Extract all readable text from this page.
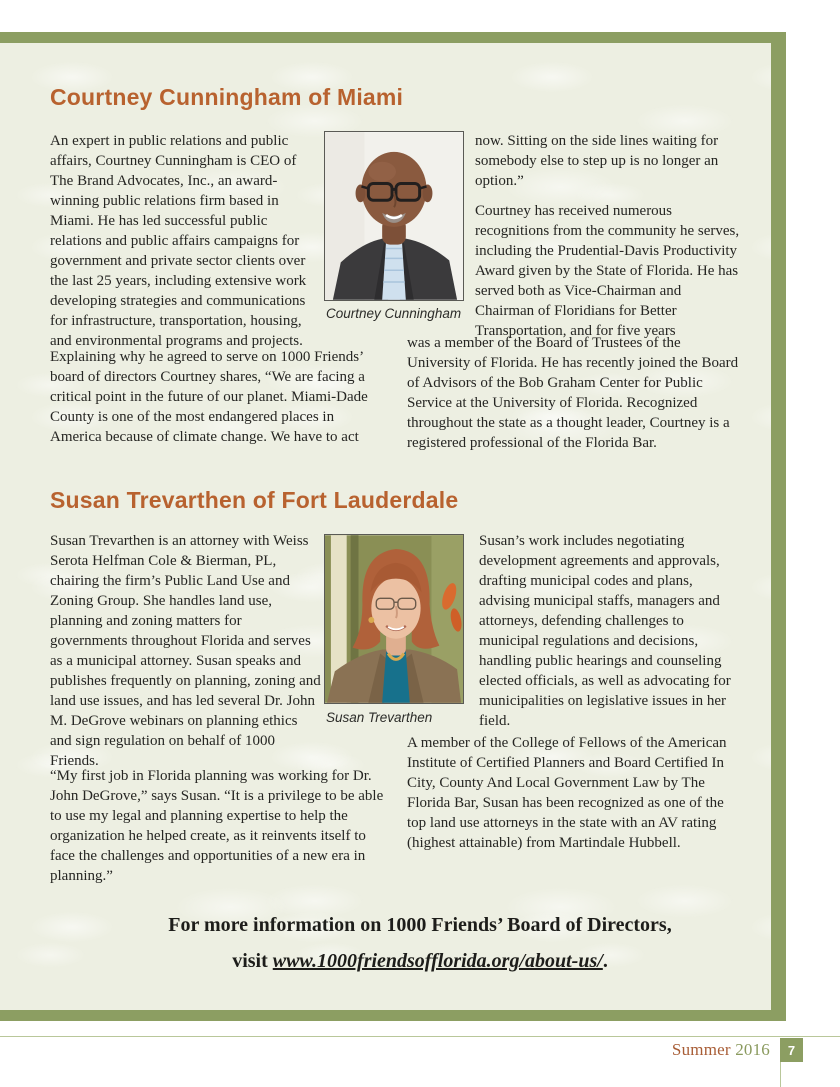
Courtney Cunningham of Miami
An expert in public relations and public affairs, Courtney Cunningham is CEO of The Brand Advocates, Inc., an award-winning public relations firm based in Miami. He has led successful public relations and public affairs campaigns for government and private sector clients over the last 25 years, including extensive work developing strategies and communications for infrastructure, transportation, housing, and environmental programs and projects.
Courtney Cunningham

now. Sitting on the side lines waiting for somebody else to step up is no longer an option.”

Courtney has received numerous recognitions from the community he serves, including the Prudential-Davis Productivity Award given by the State of Florida. He has served both as Vice-Chairman and Chairman of Floridians for Better Transportation, and for five years

was a member of the Board of Trustees of the University of Florida. He has recently joined the Board of Advisors of the Bob Graham Center for Public Service at the University of Florida. Recognized throughout the state as a thought leader, Courtney is a registered professional of the Florida Bar.
Explaining why he agreed to serve on 1000 Friends’ board of directors Courtney shares, “We are facing a critical point in the future of our planet. Miami-Dade County is one of the most endangered places in America because of climate change. We have to act
Susan Trevarthen of Fort Lauderdale
Susan Trevarthen is an attorney with Weiss Serota Helfman Cole & Bierman, PL, chairing the firm’s Public Land Use and Zoning Group. She handles land use, planning and zoning matters for governments throughout Florida and serves as a municipal attorney. Susan speaks and publishes frequently on planning, zoning and land use issues, and has led several Dr. John M. DeGrove webinars on planning ethics and sign regulation on behalf of 1000 Friends.
Susan Trevarthen
Susan’s work includes negotiating development agreements and approvals, drafting municipal codes and plans, advising municipal staffs, managers and attorneys, defending challenges to municipal regulations and decisions, handling public hearings and counseling elected officials, as well as advocating for municipalities on legislative issues in her field.
A member of the College of Fellows of the American Institute of Certified Planners and Board Certified In City, County And Local Government Law by The Florida Bar, Susan has been recognized as one of the top land use attorneys in the state with an AV rating (highest attainable) from Martindale Hubbell.
“My first job in Florida planning was working for Dr. John DeGrove,” says Susan. “It is a privilege to be able to use my legal and planning expertise to help the organization he helped create, as it reinvents itself to face the challenges and opportunities of a new era in planning.”
For more information on 1000 Friends’ Board of Directors,
visit www.1000friendsofflorida.org/about-us/.
Summer 2016	7
